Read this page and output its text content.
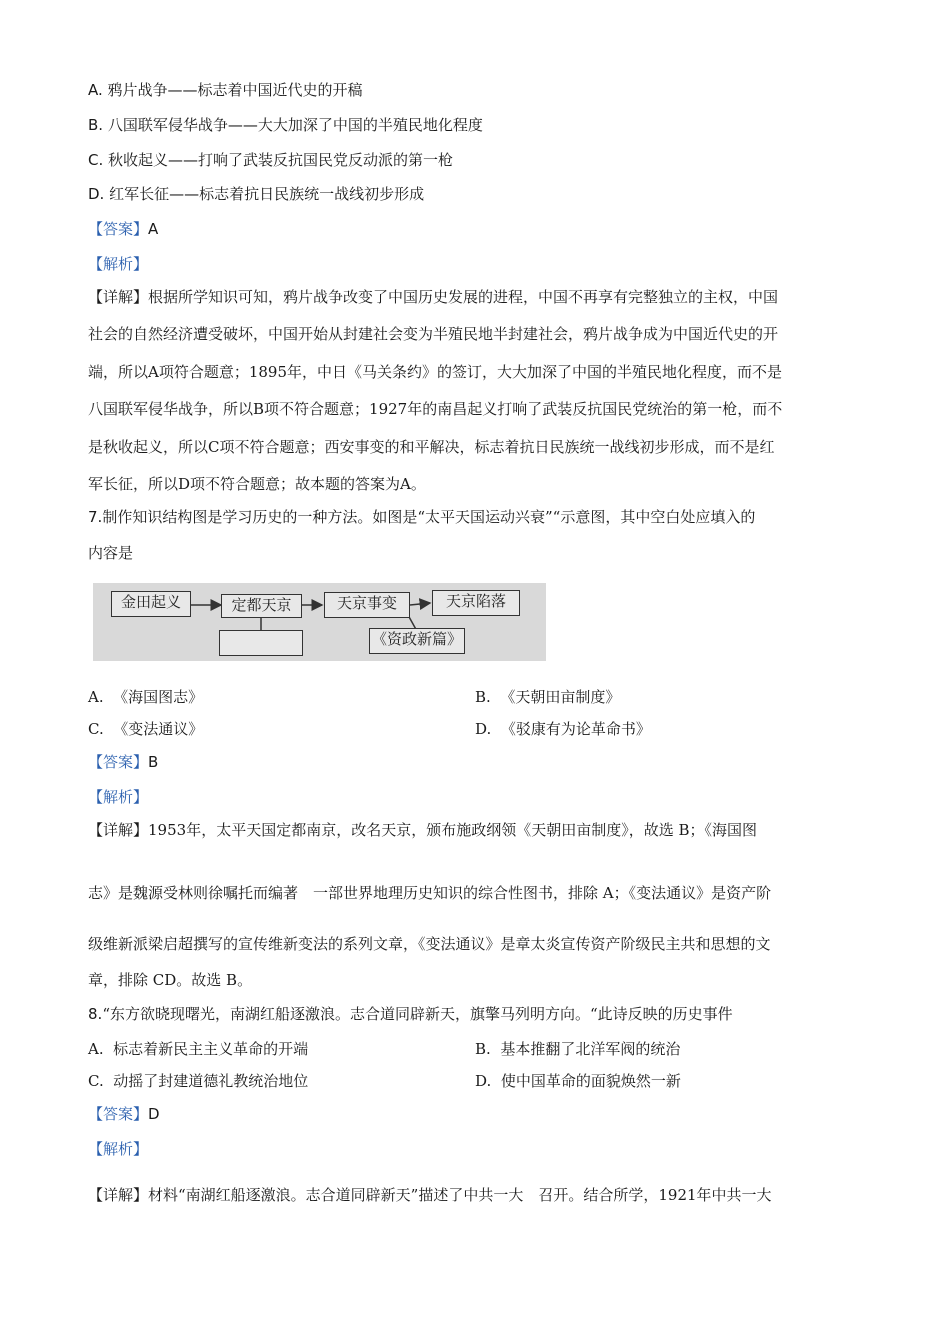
A. 鸦片战争——标志着中国近代史的开稿
B. 八国联军侵华战争——大大加深了中国的半殖民地化程度
C. 秋收起义——打响了武装反抗国民党反动派的第一枪
D. 红军长征——标志着抗日民族统一战线初步形成
【答案】A
【解析】
【详解】根据所学知识可知，鸦片战争改变了中国历史发展的进程，中国不再享有完整独立的主权，中国
社会的自然经济遭受破坏，中国开始从封建社会变为半殖民地半封建社会，鸦片战争成为中国近代史的开
端，所以A项符合题意；1895年，中日《马关条约》的签订，大大加深了中国的半殖民地化程度，而不是
八国联军侵华战争，所以B项不符合题意；1927年的南昌起义打响了武装反抗国民党统治的第一枪，而不
是秋收起义，所以C项不符合题意；西安事变的和平解决，标志着抗日民族统一战线初步形成，而不是红
军长征，所以D项不符合题意；故本题的答案为A。
7.制作知识结构图是学习历史的一种方法。如图是“太平天国运动兴衰”“示意图，其中空白处应填入的
内容是
金田起义	定都天京	天京事变	天京陷落
《资政新篇》
A. 《海国图志》	B. 《天朝田亩制度》
C. 《变法通议》	D. 《驳康有为论革命书》
【答案】B
【解析】
【详解】1953年，太平天国定都南京，改名天京，颁布施政纲领《天朝田亩制度》，故选 B；《海国图
志》是魏源受林则徐嘱托而编著　一部世界地理历史知识的综合性图书，排除 A；《变法通议》是资产阶
级维新派梁启超撰写的宣传维新变法的系列文章，《变法通议》是章太炎宣传资产阶级民主共和思想的文
章，排除 CD。故选 B。
8.“东方欲晓现曙光，南湖红船逐激浪。志合道同辟新天，旗擎马列明方向。“此诗反映的历史事件
A. 标志着新民主主义革命的开端	B. 基本推翻了北洋军阀的统治
C. 动摇了封建道德礼教统治地位	D. 使中国革命的面貌焕然一新
【答案】D
【解析】
【详解】材料“南湖红船逐激浪。志合道同辟新天”描述了中共一大　召开。结合所学，1921年中共一大
